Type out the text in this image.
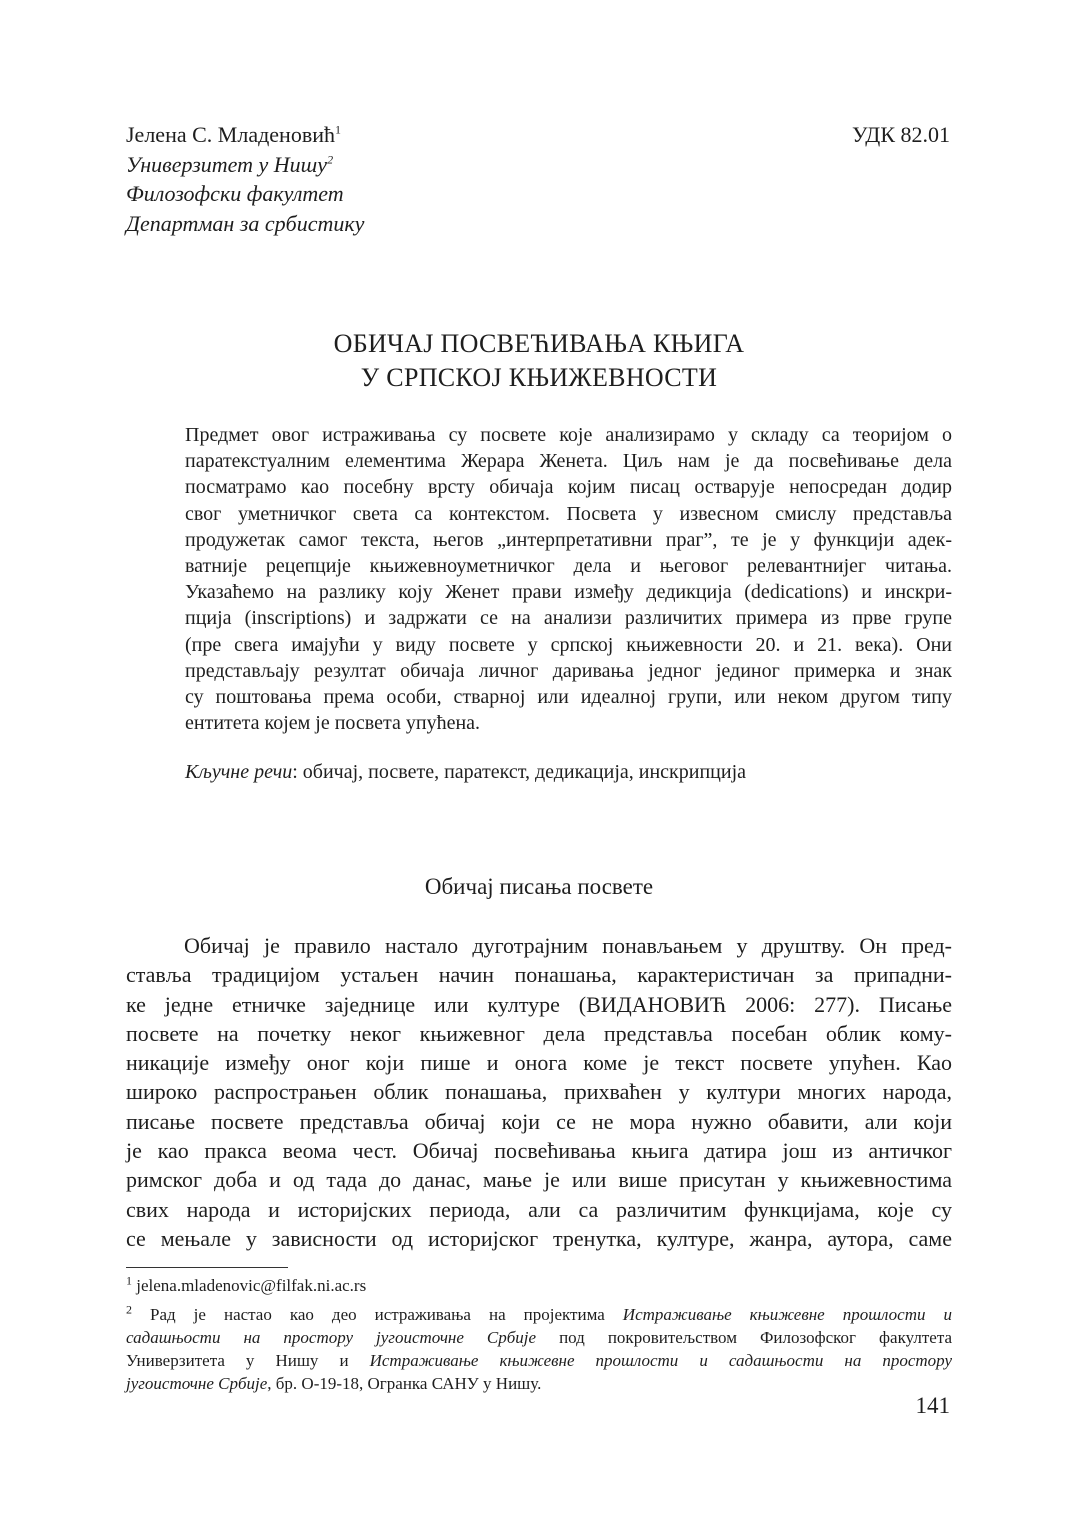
Јелена С. Младеновић$^1$
Универзитет у Нишу$^2$
Филозофски факултет
Департман за србистику
УДК 82.01
ОБИЧАЈ ПОСВЕЋИВАЊА КЊИГА
У СРПСКОЈ КЊИЖЕВНОСТИ
Предмет овог истраживања су посвете које анализирамо у складу са теоријом о
паратекстуалним елементима Жерара Женета. Циљ нам је да посвећивање дела
посматрамо као посебну врсту обичаја којим писац остварује непосредан додир
свог уметничког света са контекстом. Посвета у извесном смислу представља
продужетак самог текста, његов „интерпретативни праг”, те је у функцији адек-
ватније рецепције књижевноуметничког дела и његовог релевантнијег читања.
Указаћемо на разлику коју Женет прави између дедикција (dedications) и инскри-
пција (inscriptions) и задржати се на анализи различитих примера из прве групе
(пре свега имајући у виду посвете у српској књижевности 20. и 21. века). Они
представљају резултат обичаја личног даривања једног јединог примерка и знак
су поштовања према особи, стварној или идеалној групи, или неком другом типу
ентитета којем је посвета упућена.
Кључне речи: обичај, посвете, паратекст, дедикација, инскрипција
Обичај писања посвете
Обичај је правило настало дуготрајним понављањем у друштву. Он пред-
ставља традицијом устаљен начин понашања, карактеристичан за припадни-
ке једне етничке заједнице или културе (ВИДАНОВИЋ 2006: 277). Писање
посвете на почетку неког књижевног дела представља посебан облик кому-
никације између оног који пише и онога коме је текст посвете упућен. Као
широко распрострањен облик понашања, прихваћен у култури многих народа,
писање посвете представља обичај који се не мора нужно обавити, али који
је као пракса веома чест. Обичај посвећивања књига датира још из античког
римског доба и од тада до данас, мање је или више присутан у књижевностима
свих народа и историјских периода, али са различитим функцијама, које су
се мењале у зависности од историјског тренутка, културе, жанра, аутора, саме
$^1$ jelena.mladenovic@filfak.ni.ac.rs
$^2$ Рад је настао као део истраживања на пројектима Истраживање књижевне прошлости и
садашњости на простору југоисточне Србије под покровитељством Филозофског факултета
Универзитета у Нишу и Истраживање књижевне прошлости и садашњости на простору
југоисточне Србије, бр. О-19-18, Огранка САНУ у Нишу.
141
